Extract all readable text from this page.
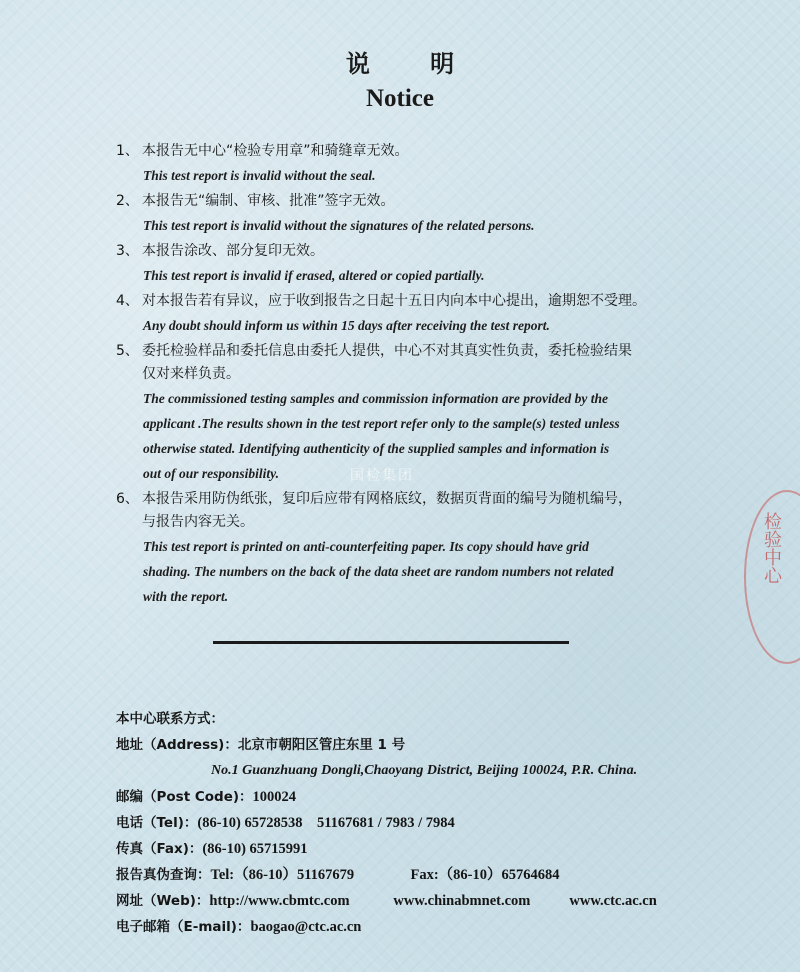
说 明
Notice

1、 本报告无中心“检验专用章”和骑缝章无效。

This test report is invalid without the seal.

2、 本报告无“编制、审核、批准”签字无效。

This test report is invalid without the signatures of the related persons.

3、 本报告涂改、部分复印无效。

This test report is invalid if erased, altered or copied partially.

4、 对本报告若有异议，应于收到报告之日起十五日内向本中心提出，逾期恕不受理。

Any doubt should inform us within 15 days after receiving the test report.

5、 委托检验样品和委托信息由委托人提供，中心不对其真实性负责，委托检验结果

仅对来样负责。

The commissioned testing samples and commission information are provided by the

applicant .The results shown in the test report refer only to the sample(s) tested unless

otherwise stated. Identifying authenticity of the supplied samples and information is

out of our responsibility.

6、 本报告采用防伪纸张，复印后应带有网格底纹，数据页背面的编号为随机编号，

与报告内容无关。

This test report is printed on anti-counterfeiting paper. Its copy should have grid

shading. The numbers on the back of the data sheet are random numbers not related

with the report.

国检集团

本中心联系方式：

地址（Address)：北京市朝阳区管庄东里 1 号

No.1 Guanzhuang Dongli,Chaoyang District, Beijing 100024, P.R. China.

邮编（Post Code)：100024

电话（Tel)：(86-10) 65728538    51167681 / 7983 / 7984

传真（Fax)：(86-10) 65715991

报告真伪查询：Tel:（86-10）51167679	Fax:（86-10）65764684

网址（Web)：http://www.cbmtc.com	www.chinabmnet.com	www.ctc.ac.cn

电子邮箱（E-mail)：baogao@ctc.ac.cn

检验中心
